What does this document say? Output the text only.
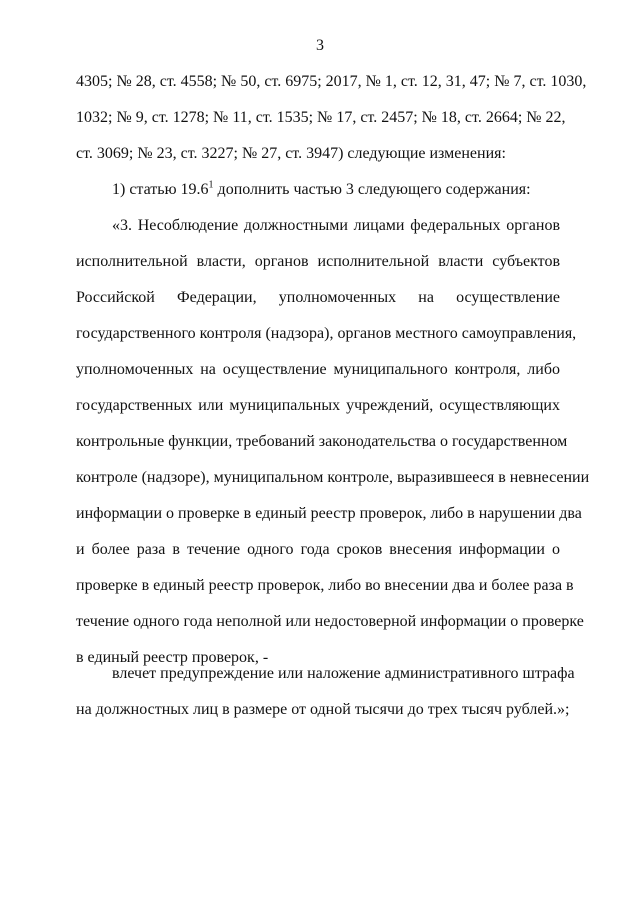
3
4305; № 28, ст. 4558; № 50, ст. 6975; 2017, № 1, ст. 12, 31, 47; № 7, ст. 1030,
1032; № 9, ст. 1278; № 11, ст. 1535; № 17, ст. 2457; № 18, ст. 2664; № 22,
ст. 3069; № 23, ст. 3227; № 27, ст. 3947) следующие изменения:
1) статью 19.6$^1$ дополнить частью 3 следующего содержания:
«3. Несоблюдение должностными лицами федеральных органов
исполнительной власти, органов исполнительной власти субъектов
Российской Федерации, уполномоченных на осуществление
государственного контроля (надзора), органов местного самоуправления,
уполномоченных на осуществление муниципального контроля, либо
государственных или муниципальных учреждений, осуществляющих
контрольные функции, требований законодательства о государственном
контроле (надзоре), муниципальном контроле, выразившееся в невнесении
информации о проверке в единый реестр проверок, либо в нарушении два
и более раза в течение одного года сроков внесения информации о
проверке в единый реестр проверок, либо во внесении два и более раза в
течение одного года неполной или недостоверной информации о проверке
в единый реестр проверок, -
влечет предупреждение или наложение административного штрафа
на должностных лиц в размере от одной тысячи до трех тысяч рублей.»;
